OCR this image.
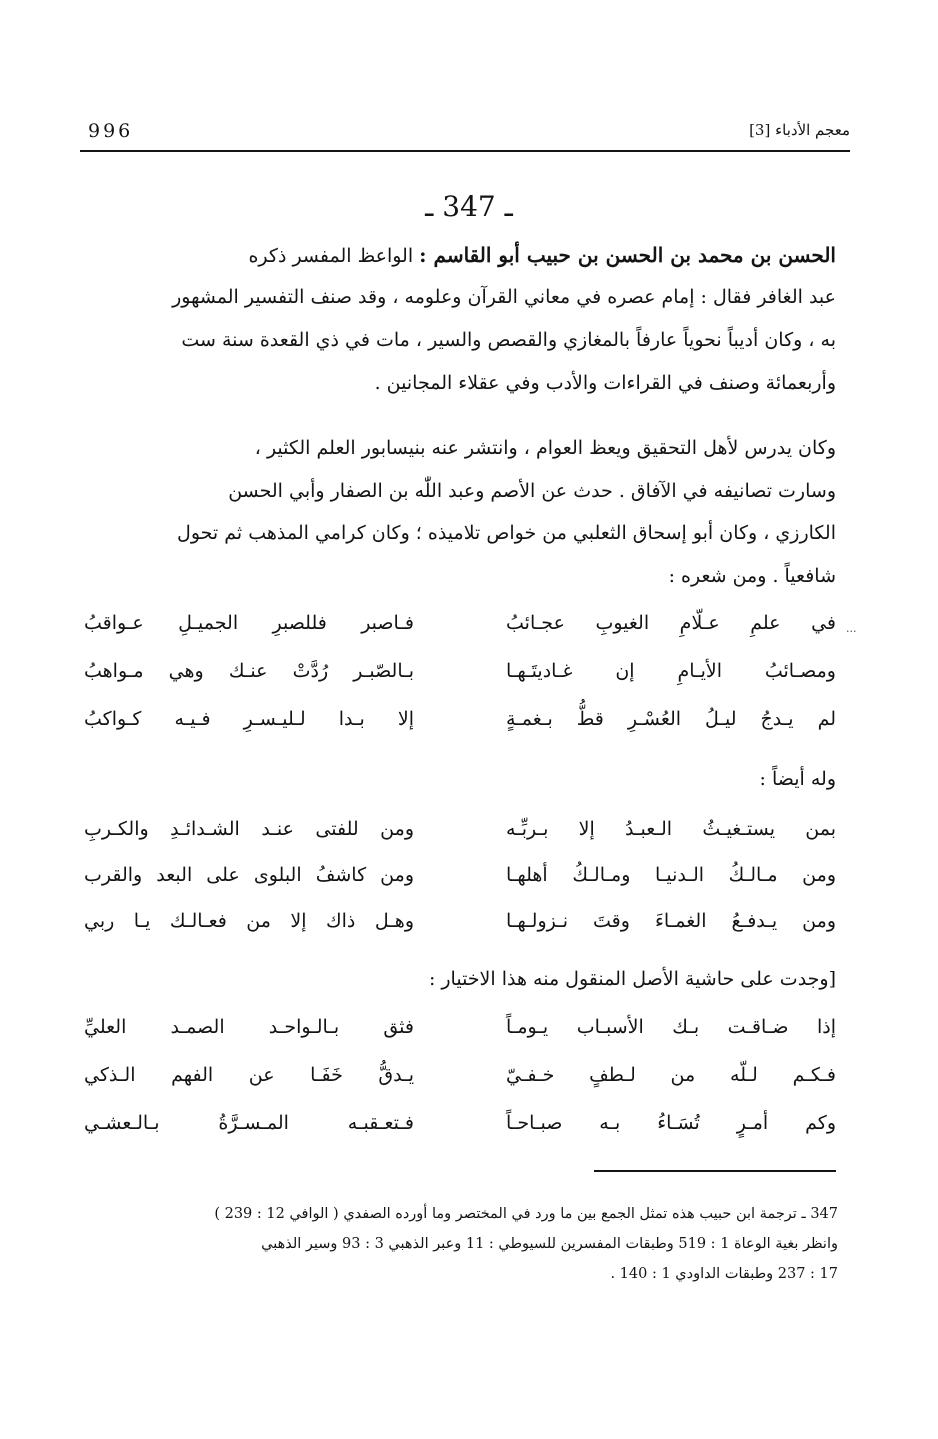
996	معجم الأدباء [3]
ـ 347 ـ
الحسن بن محمد بن الحسن بن حبيب أبو القاسم : الواعظ المفسر ذكره
عبد الغافر فقال : إمام عصره في معاني القرآن وعلومه ، وقد صنف التفسير المشهور
به ، وكان أديباً نحوياً عارفاً بالمغازي والقصص والسير ، مات في ذي القعدة سنة ست
وأربعمائة وصنف في القراءات والأدب وفي عقلاء المجانين .
وكان يدرس لأهل التحقيق ويعظ العوام ، وانتشر عنه بنيسابور العلم الكثير ،
وسارت تصانيفه في الآفاق . حدث عن الأصم وعبد اللّٰه بن الصفار وأبي الحسن
الكارزي ، وكان أبو إسحاق الثعلبي من خواص تلاميذه ؛ وكان كرامي المذهب ثم تحول
شافعياً . ومن شعره :
...
في علمِ عـلّامِ الغيوبِ عجـائبُ
فـاصبر فللصبرِ الجميـلِ عـواقبُ
ومصـائبُ الأيـامِ إن غـاديتَـهـا
بـالصّبـر رُدَّتْ عنـك وهي مـواهبُ
لم يـدجُ ليـلُ العُسْـرِ قطُّ بـغمـةٍ
إلا بـدا لـليـسـرِ فـيـه كـواكبُ
وله أيضاً :
بمن يستـغيـثُ الـعبـدُ إلا بـربِّـه
ومن للفتى عنـد الشـدائـدِ والكـربِ
ومن مـالـكُ الـدنيـا ومـالـكُ أهلهـا
ومن كاشفُ البلوى على البعد والقرب
ومن يـدفـعُ الغمـاءَ وقتَ نـزولـهـا
وهـل ذاك إلا من فعـالـك يـا ربي
[وجدت على حاشية الأصل المنقول منه هذا الاختيار :
إذا ضـاقـت بـك الأسبـاب يـومـاً
فثق بـالـواحـد الصمـد العليِّ
فـكـم لـلّه من لـطفٍ خـفـيّ
يـدقُّ خَفَـا عن الفهم الـذكي
وكم أمـرٍ تُسَـاءُ بـه صبـاحـاً
فـتعـقبـه المـسـرَّةُ بـالـعشـي
347 ـ ترجمة ابن حبيب هذه تمثل الجمع بين ما ورد في المختصر وما أورده الصفدي ( الوافي 12 : 239 )
وانظر بغية الوعاة 1 : 519 وطبقات المفسرين للسيوطي : 11 وعبر الذهبي 3 : 93 وسير الذهبي
17 : 237 وطبقات الداودي 1 : 140 .
